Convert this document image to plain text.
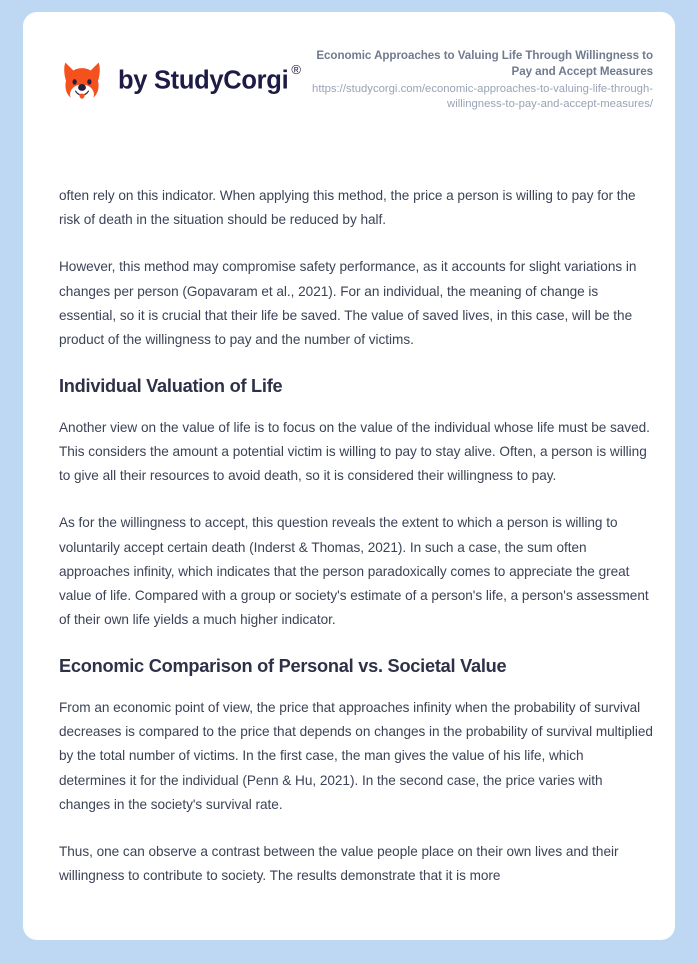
by StudyCorgi ®
Economic Approaches to Valuing Life Through Willingness to Pay and Accept Measures
https://studycorgi.com/economic-approaches-to-valuing-life-through-willingness-to-pay-and-accept-measures/

often rely on this indicator. When applying this method, the price a person is willing to pay for the risk of death in the situation should be reduced by half.

However, this method may compromise safety performance, as it accounts for slight variations in changes per person (Gopavaram et al., 2021). For an individual, the meaning of change is essential, so it is crucial that their life be saved. The value of saved lives, in this case, will be the product of the willingness to pay and the number of victims.

Individual Valuation of Life

Another view on the value of life is to focus on the value of the individual whose life must be saved. This considers the amount a potential victim is willing to pay to stay alive. Often, a person is willing to give all their resources to avoid death, so it is considered their willingness to pay.

As for the willingness to accept, this question reveals the extent to which a person is willing to voluntarily accept certain death (Inderst & Thomas, 2021). In such a case, the sum often approaches infinity, which indicates that the person paradoxically comes to appreciate the great value of life. Compared with a group or society's estimate of a person's life, a person's assessment of their own life yields a much higher indicator.

Economic Comparison of Personal vs. Societal Value

From an economic point of view, the price that approaches infinity when the probability of survival decreases is compared to the price that depends on changes in the probability of survival multiplied by the total number of victims. In the first case, the man gives the value of his life, which determines it for the individual (Penn & Hu, 2021). In the second case, the price varies with changes in the society's survival rate.

Thus, one can observe a contrast between the value people place on their own lives and their willingness to contribute to society. The results demonstrate that it is more
